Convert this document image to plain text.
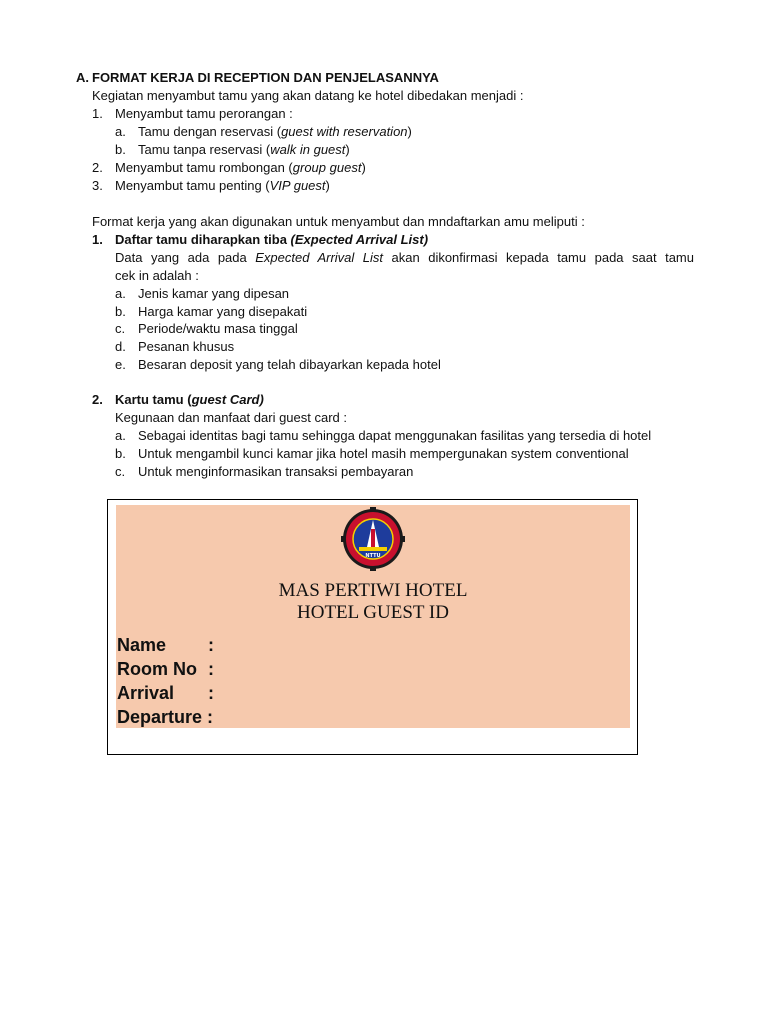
A. FORMAT KERJA DI RECEPTION DAN PENJELASANNYA
Kegiatan menyambut tamu yang akan datang ke hotel dibedakan menjadi :
1. Menyambut tamu perorangan :
a. Tamu dengan reservasi (guest with reservation)
b. Tamu tanpa reservasi (walk in guest)
2. Menyambut tamu rombongan (group guest)
3. Menyambut tamu penting (VIP guest)
Format kerja yang akan digunakan untuk menyambut dan mndaftarkan amu meliputi :
1. Daftar tamu diharapkan tiba (Expected Arrival List)
Data yang ada pada Expected Arrival List akan dikonfirmasi kepada tamu pada saat tamu
cek in adalah :
a. Jenis kamar yang dipesan
b. Harga kamar yang disepakati
c. Periode/waktu masa tinggal
d. Pesanan khusus
e. Besaran deposit yang telah dibayarkan kepada hotel
2. Kartu tamu (guest Card)
Kegunaan dan manfaat dari guest card :
a. Sebagai identitas bagi tamu sehingga dapat menggunakan fasilitas yang tersedia di hotel
b. Untuk mengambil kunci kamar jika hotel masih mempergunakan system conventional
c. Untuk menginformasikan transaksi pembayaran
NTTU
MAS PERTIWI HOTEL
HOTEL GUEST ID
Name :
Room No :
Arrival :
Departure :
